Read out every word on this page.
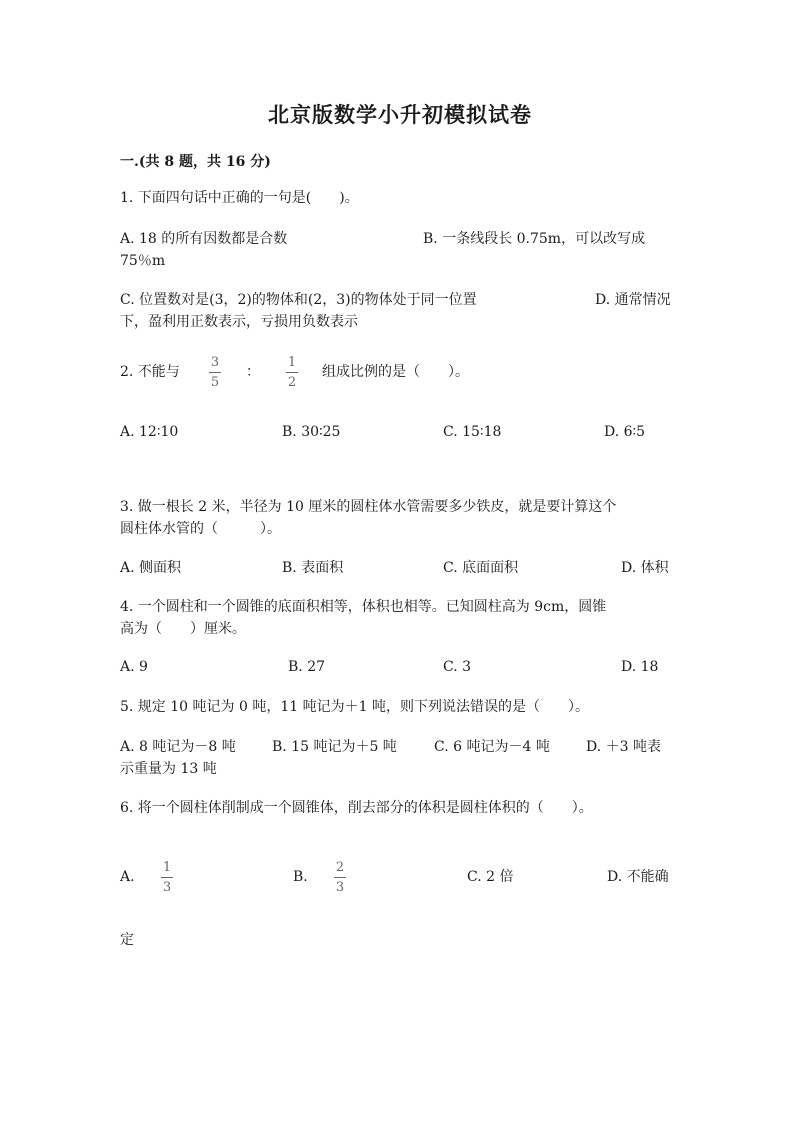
北京版数学小升初模拟试卷
一.(共 8 题，共 16 分)
1. 下面四句话中正确的一句是(　　)。
A. 18 的所有因数都是合数	B. 一条线段长 0.75m，可以改写成
75％m
C. 位置数对是(3，2)的物体和(2，3)的物体处于同一位置	D. 通常情况
下，盈利用正数表示，亏损用负数表示
2. 不能与
3
5
：
1
2
组成比例的是（　　）。
A. 12∶10	B. 30∶25	C. 15∶18	D. 6∶5
3. 做一根长 2 米，半径为 10 厘米的圆柱体水管需要多少铁皮，就是要计算这个
圆柱体水管的（　　　）。
A. 侧面积	B. 表面积	C. 底面面积	D. 体积
4. 一个圆柱和一个圆锥的底面积相等，体积也相等。已知圆柱高为 9cm，圆锥
高为（　　）厘米。
A. 9	B. 27	C. 3	D. 18
5. 规定 10 吨记为 0 吨，11 吨记为＋1 吨，则下列说法错误的是（　　）。
A. 8 吨记为－8 吨	B. 15 吨记为＋5 吨	C. 6 吨记为－4 吨	D. ＋3 吨表
示重量为 13 吨
6. 将一个圆柱体削制成一个圆锥体，削去部分的体积是圆柱体积的（　　）。
A.
1
3
B.
2
3
C. 2 倍	D. 不能确
定
